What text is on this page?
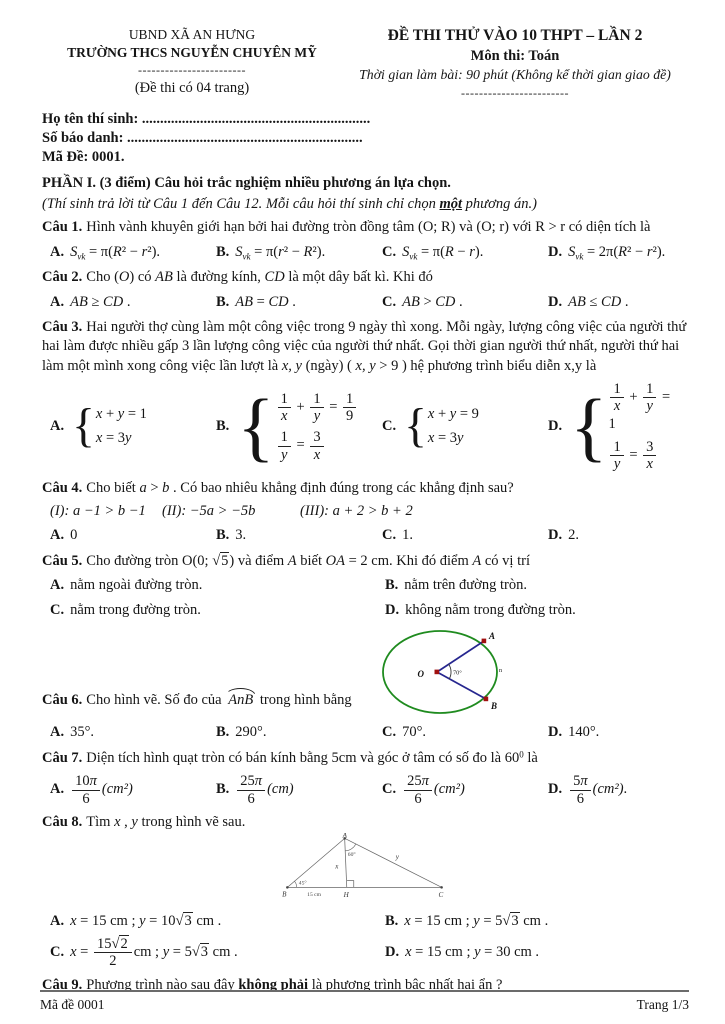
UBND XÃ AN HƯNG
TRƯỜNG THCS NGUYỄN CHUYÊN MỸ
------------------------
(Đề thi có 04 trang)
ĐỀ THI THỬ VÀO 10 THPT – LẦN 2
Môn thi: Toán
Thời gian làm bài: 90 phút (Không kể thời gian giao đề)
------------------------
Họ tên thí sinh: ...............................................................
Số báo danh: .................................................................
Mã Đề: 0001.
PHẦN I. (3 điểm) Câu hỏi trắc nghiệm nhiều phương án lựa chọn.
(Thí sinh trả lời từ Câu 1 đến Câu 12. Mỗi câu hỏi thí sinh chỉ chọn một phương án.)
Câu 1. Hình vành khuyên giới hạn bởi hai đường tròn đồng tâm (O; R) và (O; r) với R > r có diện tích là
A. $S_{vk} = \pi(R^2 - r^2)$.	B. $S_{vk} = \pi(r^2 - R^2)$.	C. $S_{vk} = \pi(R - r)$.	D. $S_{vk} = 2\pi(R^2 - r^2)$.
Câu 2. Cho (O) có AB là đường kính, CD là một dây bất kì. Khi đó
A. AB ≥ CD .	B. AB = CD .	C. AB > CD .	D. AB ≤ CD .
Câu 3. Hai người thợ cùng làm một công việc trong 9 ngày thì xong. Mỗi ngày, lượng công việc của người thứ hai làm được nhiều gấp 3 lần lượng công việc của người thứ nhất. Gọi thời gian người thứ nhất, người thứ hai làm một mình xong công việc lần lượt là x, y (ngày) ( x, y > 9 ) hệ phương trình biểu diễn x,y là
A. { x + y = 1
x = 3y
B. { $\frac{1}{x} + \frac{1}{y} = \frac{1}{9}$
$\frac{1}{y} = \frac{3}{x}$
C. { x + y = 9
x = 3y
D. { $\frac{1}{x} + \frac{1}{y} = 1$
$\frac{1}{y} = \frac{3}{x}$
Câu 4. Cho biết a > b . Có bao nhiêu khẳng định đúng trong các khẳng định sau?
(I): a −1 > b −1	(II): −5a > −5b	(III): a + 2 > b + 2
A. 0	B. 3.	C. 1.	D. 2.
Câu 5. Cho đường tròn O(0; √5) và điểm A biết OA = 2 cm. Khi đó điểm A có vị trí
A. nằm ngoài đường tròn.	B. nằm trên đường tròn.
C. nằm trong đường tròn.	D. không nằm trong đường tròn.
Câu 6. Cho hình vẽ. Số đo của AnB trong hình bằng
O
A
B
70°	n
A. 35°.	B. 290°.	C. 70°.	D. 140°.
Câu 7. Diện tích hình quạt tròn có bán kính bằng 5cm và góc ở tâm có số đo là $60^0$ là
A. $\frac{10\pi}{6} (cm^2)$	B. $\frac{25\pi}{6} (cm)$	C. $\frac{25\pi}{6} (cm^2)$	D. $\frac{5\pi}{6} (cm^2)$.
Câu 8. Tìm x , y trong hình vẽ sau.
A
B	H	C
45°
60°
x
y
15 cm
A. x = 15 cm ; y = 10√3 cm .	B. x = 15 cm ; y = 5√3 cm .
C. $x = \frac{15√2}{2}$ cm ; y = 5√3 cm .	D. x = 15 cm ; y = 30 cm .
Câu 9. Phương trình nào sau đây không phải là phương trình bậc nhất hai ẩn ?
Mã đề 0001	Trang 1/3
